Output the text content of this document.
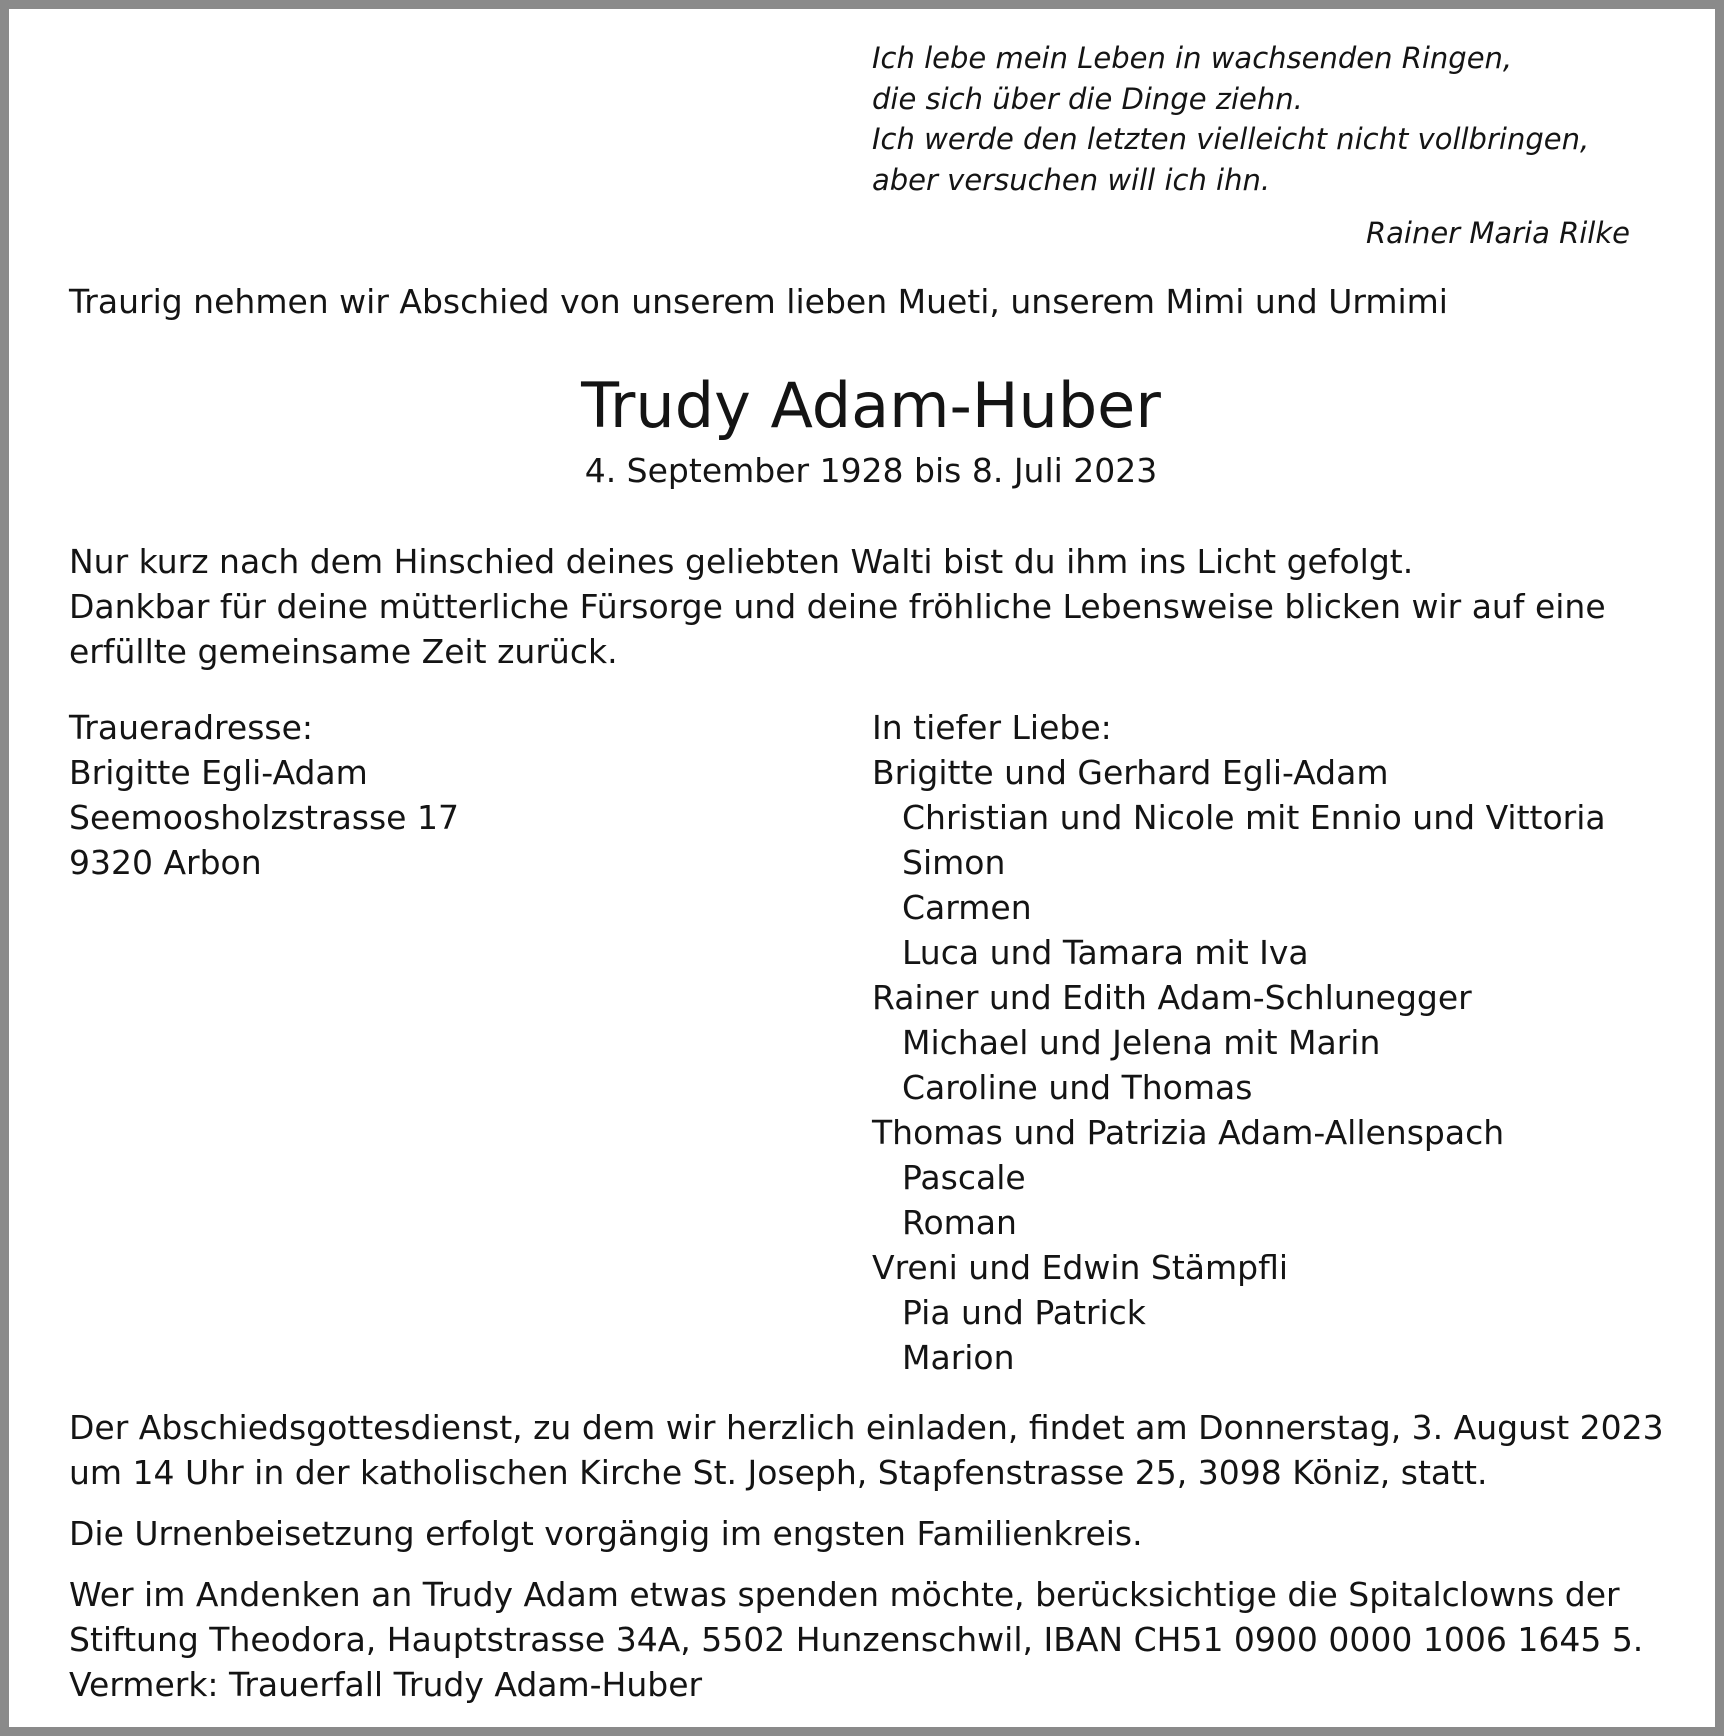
Ich lebe mein Leben in wachsenden Ringen,
die sich über die Dinge ziehn.
Ich werde den letzten vielleicht nicht vollbringen,
aber versuchen will ich ihn.
Rainer Maria Rilke
Traurig nehmen wir Abschied von unserem lieben Mueti, unserem Mimi und Urmimi
Trudy Adam-Huber
4. September 1928 bis 8. Juli 2023
Nur kurz nach dem Hinschied deines geliebten Walti bist du ihm ins Licht gefolgt.
Dankbar für deine mütterliche Fürsorge und deine fröhliche Lebensweise blicken wir auf eine
erfüllte gemeinsame Zeit zurück.
Traueradresse:
Brigitte Egli-Adam
Seemoosholzstrasse 17
9320 Arbon
In tiefer Liebe:
Brigitte und Gerhard Egli-Adam
Christian und Nicole mit Ennio und Vittoria
Simon
Carmen
Luca und Tamara mit Iva
Rainer und Edith Adam-Schlunegger
Michael und Jelena mit Marin
Caroline und Thomas
Thomas und Patrizia Adam-Allenspach
Pascale
Roman
Vreni und Edwin Stämpfli
Pia und Patrick
Marion
Der Abschiedsgottesdienst, zu dem wir herzlich einladen, findet am Donnerstag, 3. August 2023
um 14 Uhr in der katholischen Kirche St. Joseph, Stapfenstrasse 25, 3098 Köniz, statt.
Die Urnenbeisetzung erfolgt vorgängig im engsten Familienkreis.
Wer im Andenken an Trudy Adam etwas spenden möchte, berücksichtige die Spitalclowns der
Stiftung Theodora, Hauptstrasse 34A, 5502 Hunzenschwil, IBAN CH51 0900 0000 1006 1645 5.
Vermerk: Trauerfall Trudy Adam-Huber
